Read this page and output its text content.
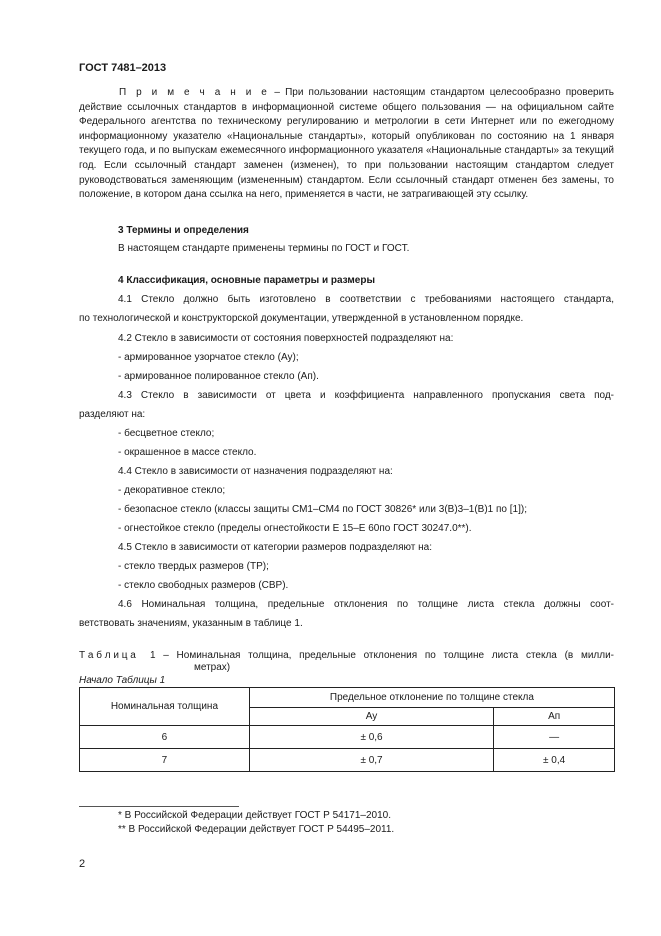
ГОСТ 7481–2013
П р и м е ч а н и е – При пользовании настоящим стандартом целесообразно проверить действие ссылочных стандартов в информационной системе общего пользования — на официальном сайте Федерального агентства по техническому регулированию и метрологии в сети Интернет или по ежегодному информационному указателю «Национальные стандарты», который опубликован по состоянию на 1 января текущего года, и по выпускам ежемесячного информационного указателя «Национальные стандарты» за текущий год. Если ссылочный стандарт заменен (изменен), то при пользовании настоящим стандартом следует руководствоваться заменяющим (измененным) стандартом. Если ссылочный стандарт отменен без замены, то положение, в котором дана ссылка на него, применяется в части, не затрагивающей эту ссылку.
3 Термины и определения
В настоящем стандарте применены термины по ГОСТ и ГОСТ.
4 Классификация, основные параметры и размеры
4.1 Стекло должно быть изготовлено в соответствии с требованиями настоящего стандарта,
по технологической и конструкторской документации, утвержденной в установленном порядке.
4.2 Стекло в зависимости от состояния поверхностей подразделяют на:
- армированное узорчатое стекло (Ау);
- армированное полированное стекло (Ап).
4.3 Стекло в зависимости от цвета и коэффициента направленного пропускания света под-
разделяют на:
- бесцветное стекло;
- окрашенное в массе стекло.
4.4 Стекло в зависимости от назначения подразделяют на:
- декоративное стекло;
- безопасное стекло (классы защиты СМ1–СМ4 по ГОСТ 30826* или 3(В)3–1(В)1 по [1]);
- огнестойкое стекло (пределы огнестойкости Е 15–Е 60по ГОСТ 30247.0**).
4.5 Стекло в зависимости от категории размеров подразделяют на:
- стекло твердых размеров (ТР);
- стекло свободных размеров (СВР).
4.6 Номинальная толщина, предельные отклонения по толщине листа стекла должны соот-
ветствовать значениям, указанным в таблице 1.
Т а б л и ц а 1 – Номинальная толщина, предельные отклонения по толщине листа стекла (в милли-
метрах)
Начало Таблицы 1
Номинальная толщина	Предельное отклонение по толщине стекла	
	Ау	Ап
6	± 0,6	—
7	± 0,7	± 0,4
* В Российской Федерации действует ГОСТ Р 54171–2010.
** В Российской Федерации действует ГОСТ Р 54495–2011.
2
